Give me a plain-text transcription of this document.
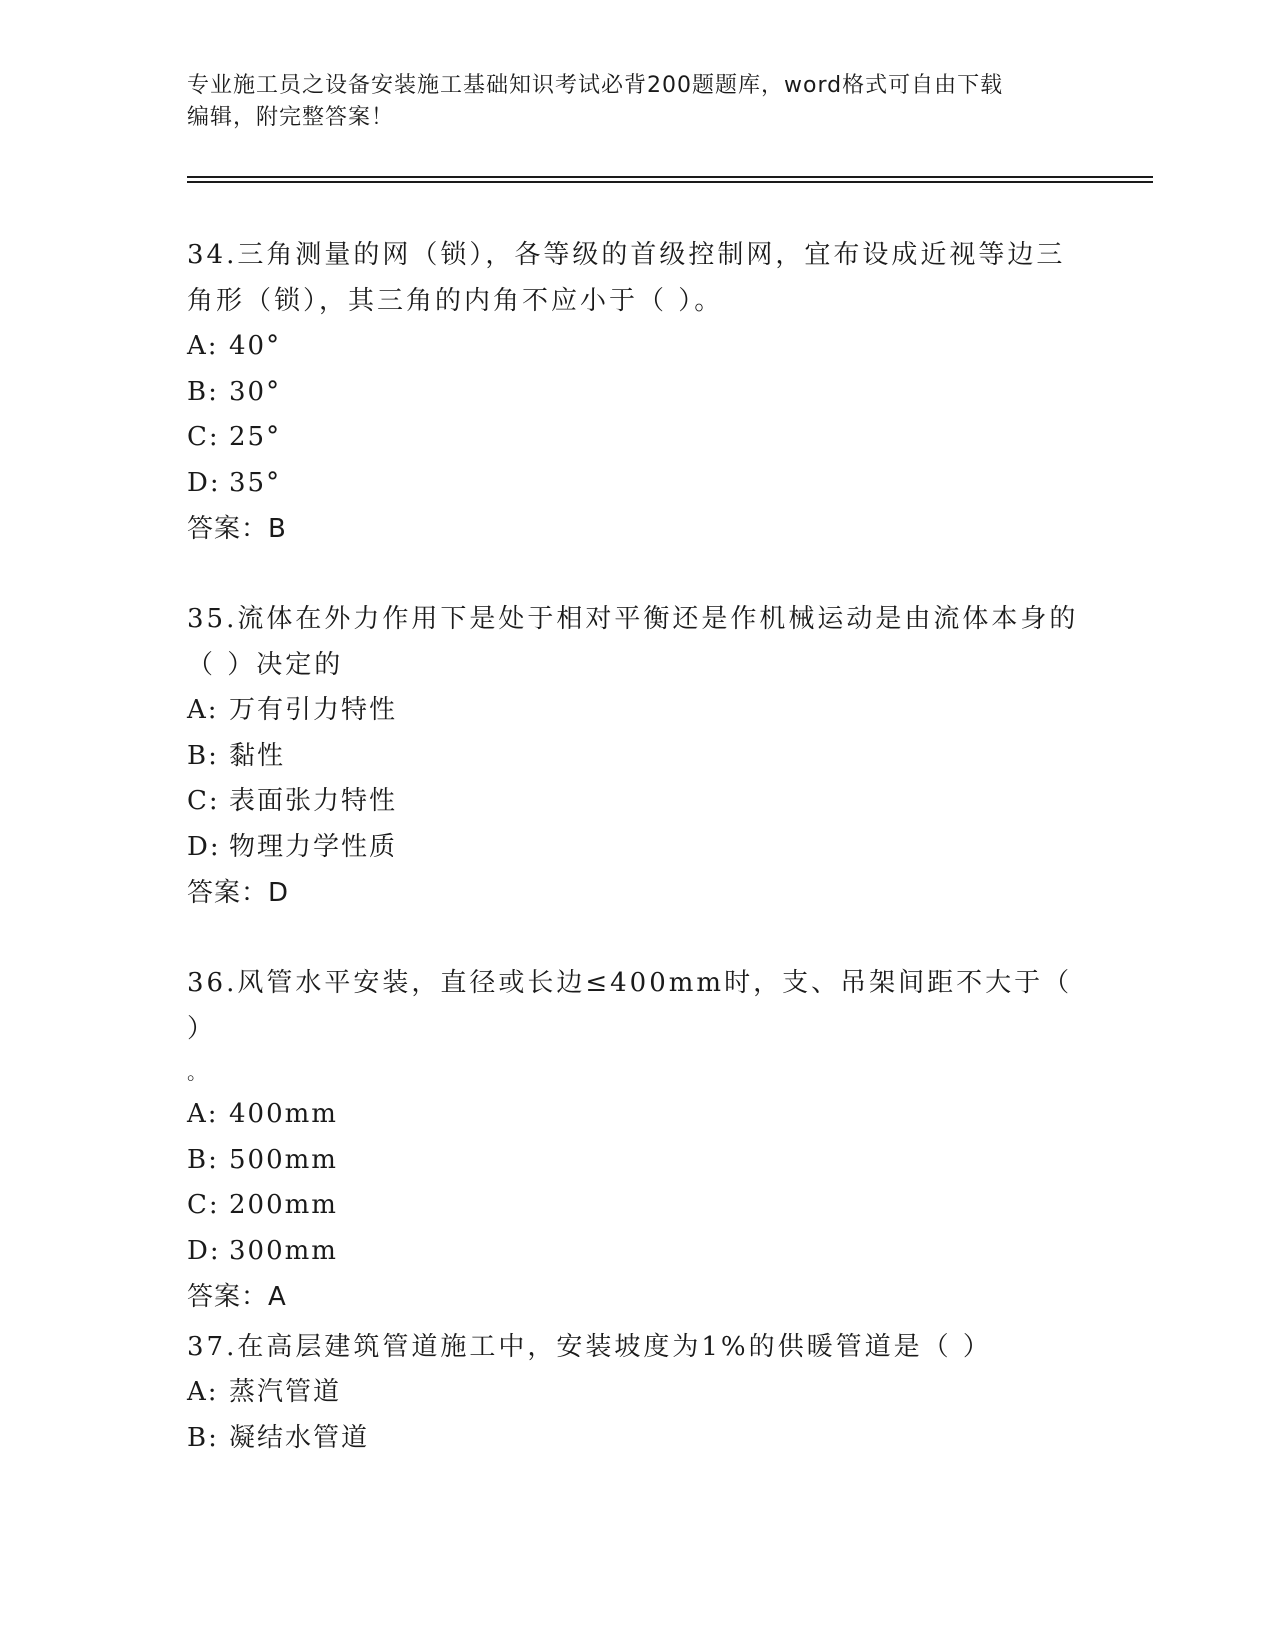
专业施工员之设备安装施工基础知识考试必背200题题库，word格式可自由下载
编辑，附完整答案！

34.三角测量的网（锁），各等级的首级控制网，宜布设成近视等边三
角形（锁），其三角的内角不应小于（ ）。

A: 40°

B: 30°

C: 25°

D: 35°

答案：B

35.流体在外力作用下是处于相对平衡还是作机械运动是由流体本身的
（ ）决定的

A: 万有引力特性

B: 黏性

C: 表面张力特性

D: 物理力学性质

答案：D

36.风管水平安装，直径或长边≤400mm时，支、吊架间距不大于（ ）
。

A: 400mm

B: 500mm

C: 200mm

D: 300mm

答案：A

37.在高层建筑管道施工中，安装坡度为1%的供暖管道是（ ）

A: 蒸汽管道

B: 凝结水管道
